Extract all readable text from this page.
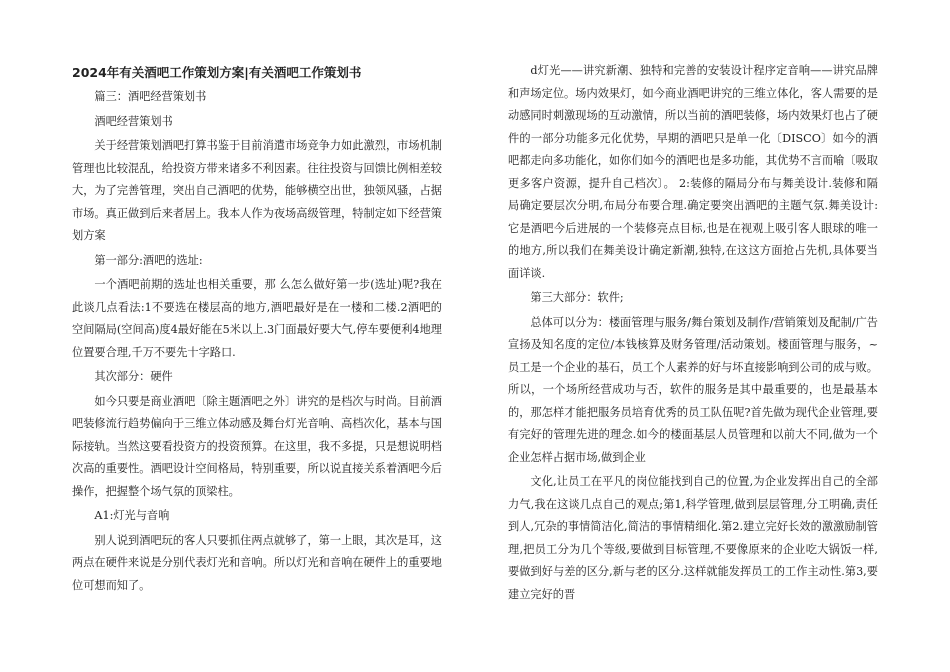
2024年有关酒吧工作策划方案|有关酒吧工作策划书

篇三：酒吧经营策划书

酒吧经营策划书

关于经营策划酒吧打算书鉴于目前消遣市场竞争力如此激烈，市场机制管理也比较混乱，给投资方带来诸多不利因素。往往投资与回馈比例相差较大，为了完善管理，突出自己酒吧的优势，能够横空出世，独领风骚，占据市场。真正做到后来者居上。我本人作为夜场高级管理，特制定如下经营策划方案

第一部分:酒吧的选址:

一个酒吧前期的选址也相关重要，那 么怎么做好第一步(选址)呢?我在此谈几点看法:1不要选在楼层高的地方,酒吧最好是在一楼和二楼.2酒吧的空间隔局(空间高)度4最好能在5米以上.3门面最好要大气,停车要便利4地理位置要合理,千万不要先十字路口.

其次部分：硬件

如今只要是商业酒吧〔除主题酒吧之外〕讲究的是档次与时尚。目前酒吧装修流行趋势偏向于三维立体动感及舞台灯光音响、高档次化，基本与国际接轨。当然这要看投资方的投资预算。在这里，我不多提，只是想说明档次高的重要性。酒吧设计空间格局，特别重要，所以说直接关系着酒吧今后操作，把握整个场气氛的顶梁柱。

A1:灯光与音响

别人说到酒吧玩的客人只要抓住两点就够了，第一上眼，其次是耳，这两点在硬件来说是分别代表灯光和音响。所以灯光和音响在硬件上的重要地位可想而知了。

d灯光——讲究新潮、独特和完善的安装设计程序定音响——讲究品牌和声场定位。场内效果灯，如今商业酒吧讲究的三维立体化，客人需要的是动感同时刺激现场的互动激情，所以当前的酒吧装修，场内效果灯也占了硬件的一部分功能多元化优势，早期的酒吧只是单一化〔DISCO〕如今的酒吧都走向多功能化，如你们如今的酒吧也是多功能，其优势不言而喻〔吸取更多客户资源，提升自己档次〕。 2:装修的隔局分布与舞美设计.装修和隔局确定要层次分明,布局分布要合理.确定要突出酒吧的主题气氛.舞美设计:它是酒吧今后进展的一个装修亮点目标,也是在视观上吸引客人眼球的唯一的地方,所以我们在舞美设计确定新潮,独特,在这这方面抢占先机,具体要当面详谈.

第三大部分：软件;

总体可以分为：楼面管理与服务/舞台策划及制作/营销策划及配制/广告宣扬及知名度的定位/本钱核算及财务管理/活动策划。楼面管理与服务，~员工是一个企业的基石，员工个人素养的好与坏直接影响到公司的成与败。所以，一个场所经营成功与否，软件的服务是其中最重要的，也是最基本的，那怎样才能把服务员培育优秀的员工队伍呢?首先做为现代企业管理,要有完好的管理先进的理念.如今的楼面基层人员管理和以前大不同,做为一个企业怎样占据市场,做到企业

文化,让员工在平凡的岗位能找到自己的位置,为企业发挥出自己的全部力气,我在这谈几点自己的观点;第1,科学管理,做到层层管理,分工明确,责任到人,冗杂的事情简洁化,简洁的事情精细化.第2.建立完好长效的激激励制管理,把员工分为几个等级,要做到目标管理,不要像原来的企业吃大锅饭一样,要做到好与差的区分,新与老的区分.这样就能发挥员工的工作主动性.第3,要建立完好的晋
